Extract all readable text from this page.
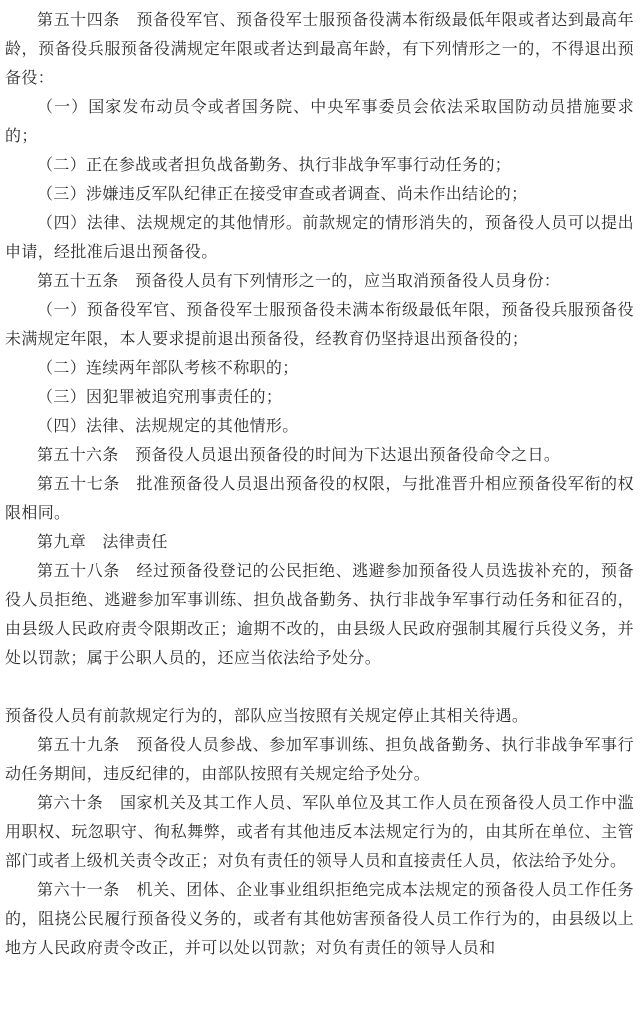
第五十四条　预备役军官、预备役军士服预备役满本衔级最低年限或者达到最高年龄，预备役兵服预备役满规定年限或者达到最高年龄，有下列情形之一的，不得退出预备役：

（一）国家发布动员令或者国务院、中央军事委员会依法采取国防动员措施要求的；

（二）正在参战或者担负战备勤务、执行非战争军事行动任务的；

（三）涉嫌违反军队纪律正在接受审查或者调查、尚未作出结论的；

（四）法律、法规规定的其他情形。前款规定的情形消失的，预备役人员可以提出申请，经批准后退出预备役。

第五十五条　预备役人员有下列情形之一的，应当取消预备役人员身份：

（一）预备役军官、预备役军士服预备役未满本衔级最低年限，预备役兵服预备役未满规定年限，本人要求提前退出预备役，经教育仍坚持退出预备役的；

（二）连续两年部队考核不称职的；

（三）因犯罪被追究刑事责任的；

（四）法律、法规规定的其他情形。

第五十六条　预备役人员退出预备役的时间为下达退出预备役命令之日。

第五十七条　批准预备役人员退出预备役的权限，与批准晋升相应预备役军衔的权限相同。

第九章　法律责任

第五十八条　经过预备役登记的公民拒绝、逃避参加预备役人员选拔补充的，预备役人员拒绝、逃避参加军事训练、担负战备勤务、执行非战争军事行动任务和征召的，由县级人民政府责令限期改正；逾期不改的，由县级人民政府强制其履行兵役义务，并处以罚款；属于公职人员的，还应当依法给予处分。

预备役人员有前款规定行为的，部队应当按照有关规定停止其相关待遇。

第五十九条　预备役人员参战、参加军事训练、担负战备勤务、执行非战争军事行动任务期间，违反纪律的，由部队按照有关规定给予处分。

第六十条　国家机关及其工作人员、军队单位及其工作人员在预备役人员工作中滥用职权、玩忽职守、徇私舞弊，或者有其他违反本法规定行为的，由其所在单位、主管部门或者上级机关责令改正；对负有责任的领导人员和直接责任人员，依法给予处分。

第六十一条　机关、团体、企业事业组织拒绝完成本法规定的预备役人员工作任务的，阻挠公民履行预备役义务的，或者有其他妨害预备役人员工作行为的，由县级以上地方人民政府责令改正，并可以处以罚款；对负有责任的领导人员和
